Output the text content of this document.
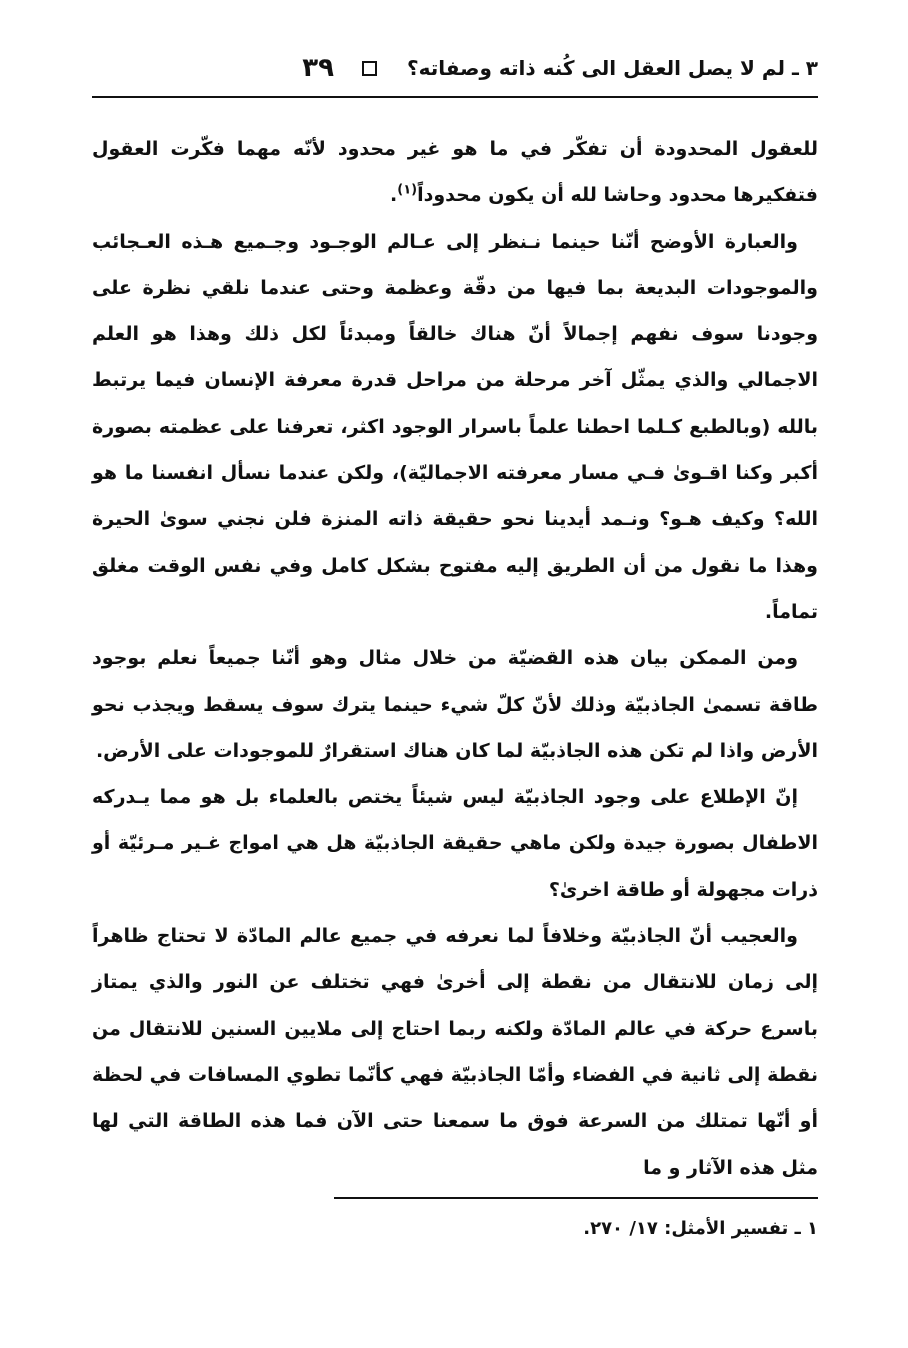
٣ ـ لم لا يصل العقل الى كُنه ذاته وصفاته؟
٣٩

للعقول المحدودة أن تفكّر في ما هو غير محدود لأنّه مهما فكّرت العقول فتفكيرها محدود وحاشا لله أن يكون محدوداً$^{(١)}$.

والعبارة الأوضح أنّنا حينما نـنظر إلى عـالم الوجـود وجـميع هـذه العـجائب والموجودات البديعة بما فيها من دقّة وعظمة وحتى عندما نلقي نظرة على وجودنا سوف نفهم إجمالاً أنّ هناك خالقاً ومبدئاً لكل ذلك وهذا هو العلم الاجمالي والذي يمثّل آخر مرحلة من مراحل قدرة معرفة الإنسان فيما يرتبط بالله (وبالطبع كـلما احطنا علماً باسرار الوجود اكثر، تعرفنا على عظمته بصورة أكبر وكنا اقـوىٰ فـي مسار معرفته الاجماليّة)، ولكن عندما نسأل انفسنا ما هو الله؟ وكيف هـو؟ ونـمد أيدينا نحو حقيقة ذاته المنزة فلن نجني سوىٰ الحيرة وهذا ما نقول من أن الطريق إليه مفتوح بشكل كامل وفي نفس الوقت مغلق تماماً.

ومن الممكن بيان هذه القضيّة من خلال مثال وهو أنّنا جميعاً نعلم بوجود طاقة تسمىٰ الجاذبيّة وذلك لأنّ كلّ شيء حينما يترك سوف يسقط ويجذب نحو الأرض واذا لم تكن هذه الجاذبيّة لما كان هناك استقرارٌ للموجودات على الأرض.

إنّ الإطلاع على وجود الجاذبيّة ليس شيئاً يختص بالعلماء بل هو مما يـدركه الاطفال بصورة جيدة ولكن ماهي حقيقة الجاذبيّة هل هي امواج غـير مـرئيّة أو ذرات مجهولة أو طاقة اخرىٰ؟

والعجيب أنّ الجاذبيّة وخلافاً لما نعرفه في جميع عالم المادّة لا تحتاج ظاهراً إلى زمان للانتقال من نقطة إلى أخرىٰ فهي تختلف عن النور والذي يمتاز باسرع حركة في عالم المادّة ولكنه ربما احتاج إلى ملايين السنين للانتقال من نقطة إلى ثانية في الفضاء وأمّا الجاذبيّة فهي كأنّما تطوي المسافات في لحظة أو أنّها تمتلك من السرعة فوق ما سمعنا حتى الآن فما هذه الطاقة التي لها مثل هذه الآثار و ما

١ ـ تفسير الأمثل: ١٧/ ٢٧٠.
